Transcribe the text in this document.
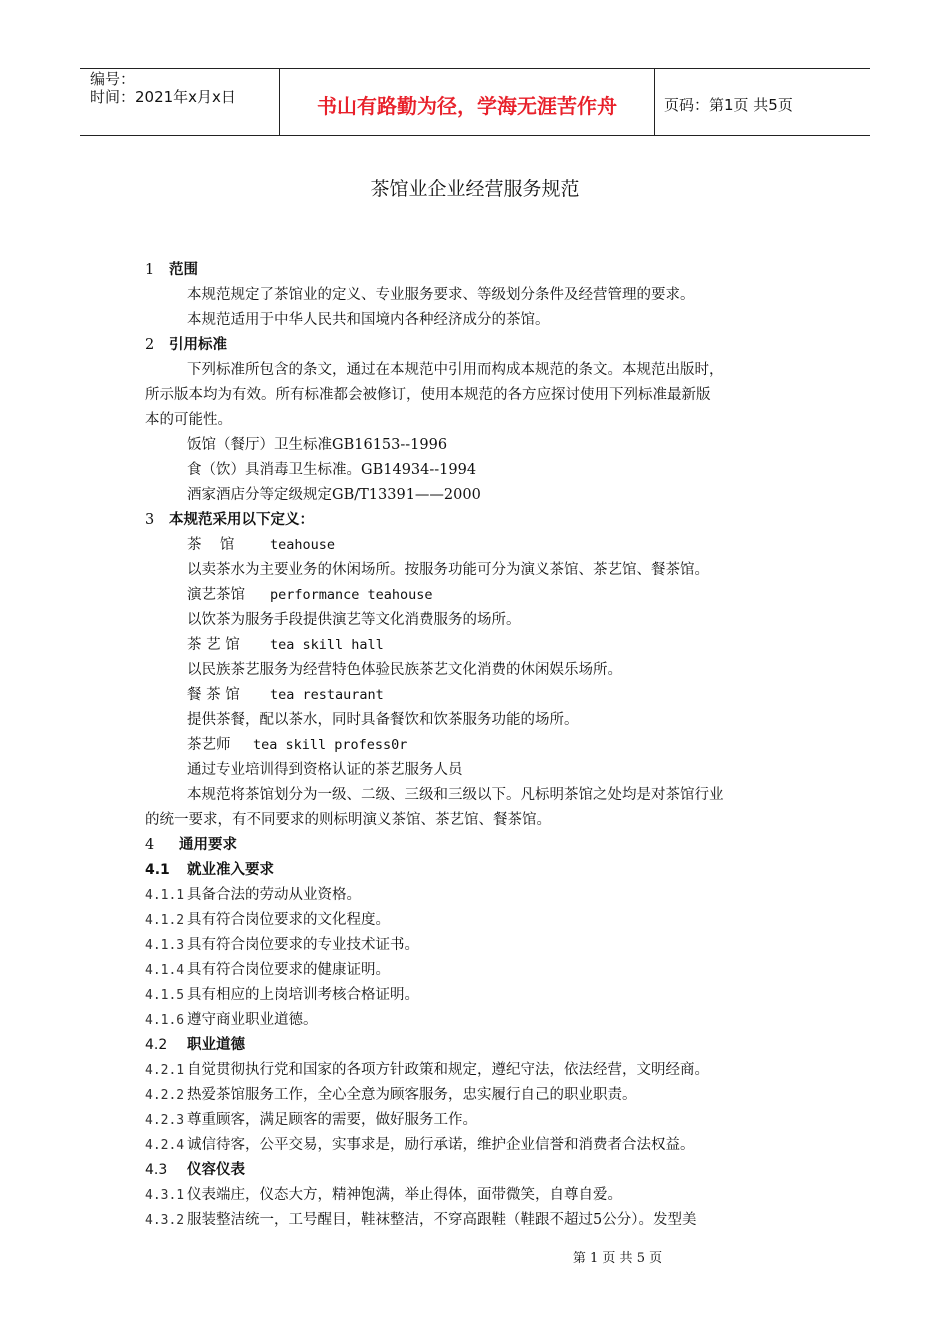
编号：
时间：2021年x月x日	书山有路勤为径，学海无涯苦作舟	页码：第1页 共5页
茶馆业企业经营服务规范
1 范围
本规范规定了茶馆业的定义、专业服务要求、等级划分条件及经营管理的要求。
本规范适用于中华人民共和国境内各种经济成分的茶馆。
2 引用标准
下列标准所包含的条文，通过在本规范中引用而构成本规范的条文。本规范出版时，
所示版本均为有效。所有标准都会被修订，使用本规范的各方应探讨使用下列标准最新版
本的可能性。
饭馆（餐厅）卫生标准GB16153--1996
食（饮）具消毒卫生标准。GB14934--1994
酒家酒店分等定级规定GB/T13391——2000
3 本规范采用以下定义：
茶    馆	teahouse
以卖茶水为主要业务的休闲场所。按服务功能可分为演义茶馆、茶艺馆、餐茶馆。
演艺茶馆 performance teahouse
以饮茶为服务手段提供演艺等文化消费服务的场所。
茶 艺 馆 tea skill hall
以民族茶艺服务为经营特色体验民族茶艺文化消费的休闲娱乐场所。
餐 茶 馆 tea restaurant
提供茶餐，配以茶水，同时具备餐饮和饮茶服务功能的场所。
茶艺师 tea skill profess0r
通过专业培训得到资格认证的茶艺服务人员
本规范将茶馆划分为一级、二级、三级和三级以下。凡标明茶馆之处均是对茶馆行业
的统一要求，有不同要求的则标明演义茶馆、茶艺馆、餐茶馆。
4 通用要求
4.1 就业准入要求
4.1.1 具备合法的劳动从业资格。
4.1.2 具有符合岗位要求的文化程度。
4.1.3 具有符合岗位要求的专业技术证书。
4.1.4 具有符合岗位要求的健康证明。
4.1.5 具有相应的上岗培训考核合格证明。
4.1.6 遵守商业职业道德。
4.2 职业道德
4.2.1 自觉贯彻执行党和国家的各项方针政策和规定，遵纪守法，依法经营，文明经商。
4.2.2 热爱茶馆服务工作，全心全意为顾客服务，忠实履行自己的职业职责。
4.2.3 尊重顾客，满足顾客的需要，做好服务工作。
4.2.4 诚信待客，公平交易，实事求是，励行承诺，维护企业信誉和消费者合法权益。
4.3 仪容仪表
4.3.1 仪表端庄，仪态大方，精神饱满，举止得体，面带微笑，自尊自爱。
4.3.2 服装整洁统一，工号醒目，鞋袜整洁，不穿高跟鞋（鞋跟不超过5公分）。发型美
第 1 页 共 5 页
